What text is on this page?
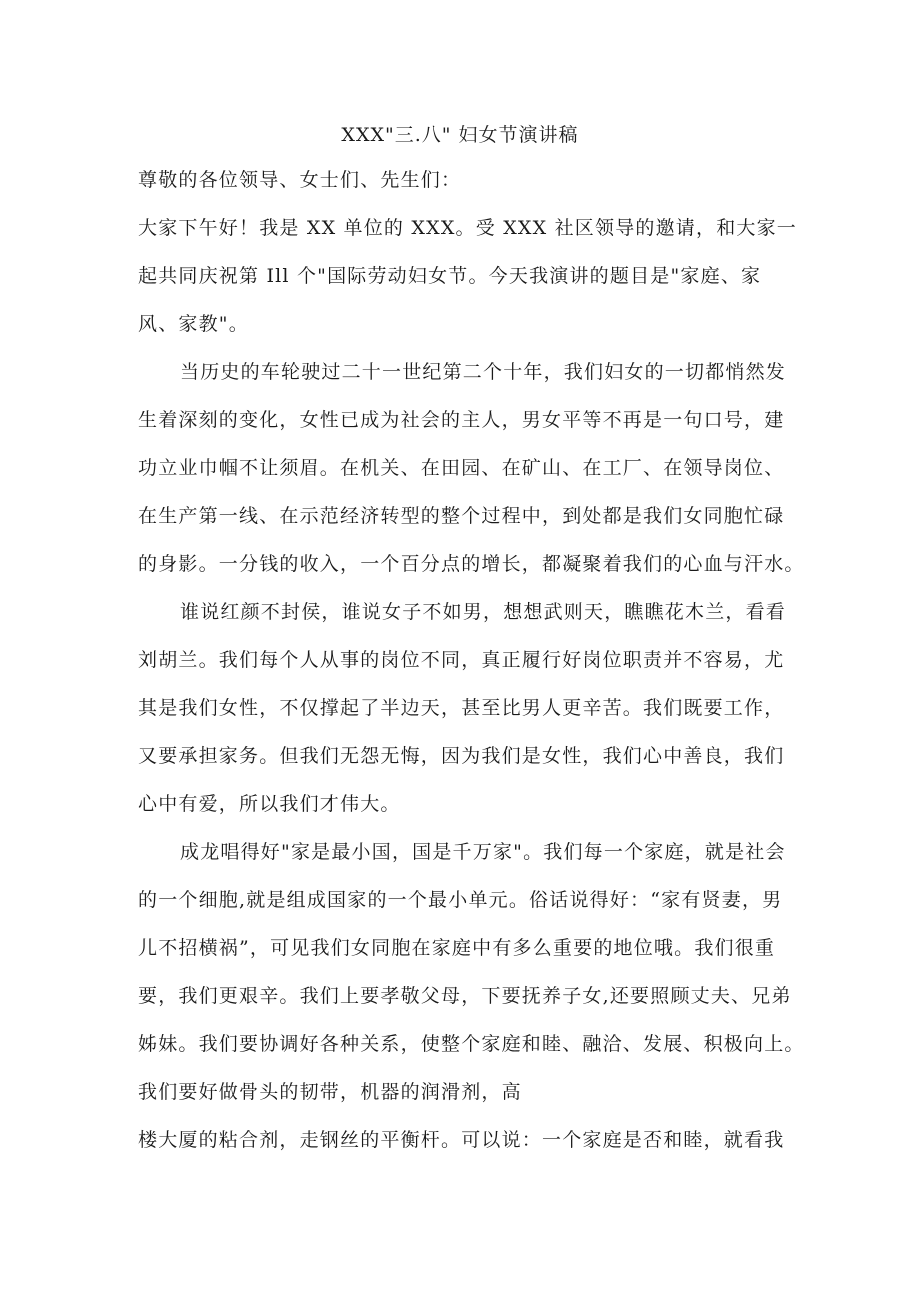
XXX"三.八" 妇女节演讲稿
尊敬的各位领导、女士们、先生们：
大家下午好！我是 XX 单位的 XXX。受 XXX 社区领导的邀请，和大家一
起共同庆祝第 Ill 个"国际劳动妇女节。今天我演讲的题目是"家庭、家
风、家教"。
当历史的车轮驶过二十一世纪第二个十年，我们妇女的一切都悄然发
生着深刻的变化，女性已成为社会的主人，男女平等不再是一句口号，建
功立业巾帼不让须眉。在机关、在田园、在矿山、在工厂、在领导岗位、
在生产第一线、在示范经济转型的整个过程中，到处都是我们女同胞忙碌
的身影。一分钱的收入，一个百分点的增长，都凝聚着我们的心血与汗水。
谁说红颜不封侯，谁说女子不如男，想想武则天，瞧瞧花木兰，看看
刘胡兰。我们每个人从事的岗位不同，真正履行好岗位职责并不容易，尤
其是我们女性，不仅撑起了半边天，甚至比男人更辛苦。我们既要工作，
又要承担家务。但我们无怨无悔，因为我们是女性，我们心中善良，我们
心中有爱，所以我们才伟大。
成龙唱得好"家是最小国，国是千万家"。我们每一个家庭，就是社会
的一个细胞,就是组成国家的一个最小单元。俗话说得好：“家有贤妻，男
儿不招横祸”，可见我们女同胞在家庭中有多么重要的地位哦。我们很重
要，我们更艰辛。我们上要孝敬父母，下要抚养子女,还要照顾丈夫、兄弟
姊妹。我们要协调好各种关系，使整个家庭和睦、融洽、发展、积极向上。
我们要好做骨头的韧带，机器的润滑剂，高
楼大厦的粘合剂，走钢丝的平衡杆。可以说：一个家庭是否和睦，就看我
